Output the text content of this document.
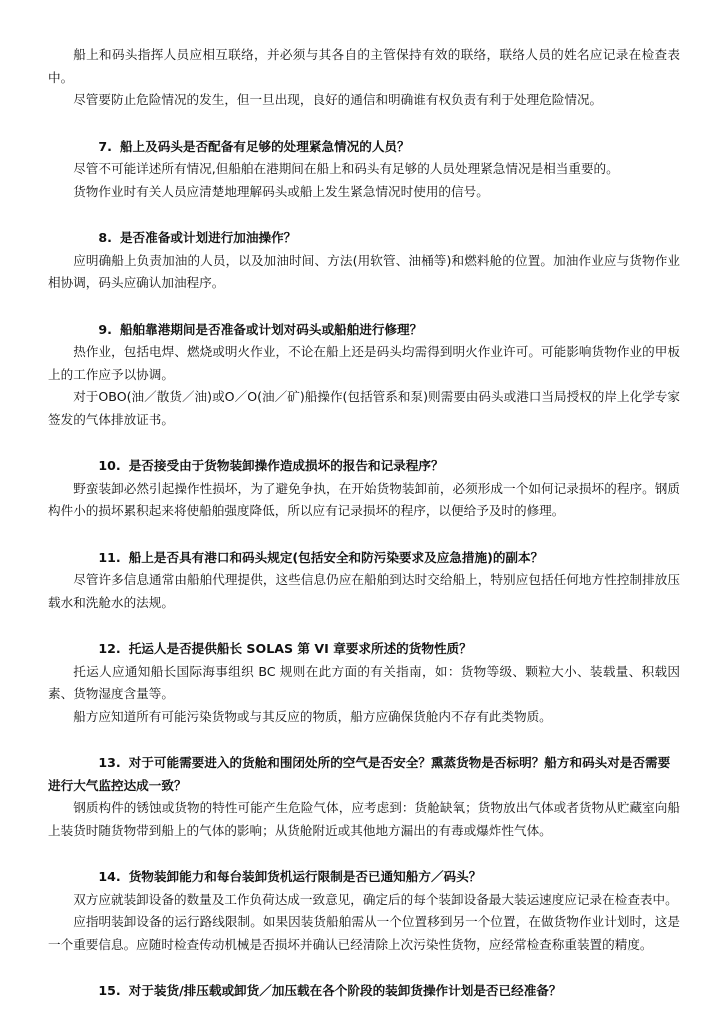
船上和码头指挥人员应相互联络，并必须与其各自的主管保持有效的联络，联络人员的姓名应记录在检查表中。

尽管要防止危险情况的发生，但一旦出现，良好的通信和明确谁有权负责有利于处理危险情况。

7. 船上及码头是否配备有足够的处理紧急情况的人员？

尽管不可能详述所有情况,但船舶在港期间在船上和码头有足够的人员处理紧急情况是相当重要的。

货物作业时有关人员应清楚地理解码头或船上发生紧急情况时使用的信号。

8. 是否准备或计划进行加油操作？

应明确船上负责加油的人员，以及加油时间、方法(用软管、油桶等)和燃料舱的位置。加油作业应与货物作业相协调，码头应确认加油程序。

9. 船舶靠港期间是否准备或计划对码头或船舶进行修理？

热作业，包括电焊、燃烧或明火作业，不论在船上还是码头均需得到明火作业许可。可能影响货物作业的甲板上的工作应予以协调。

对于OBO(油／散货／油)或O／O(油／矿)船操作(包括管系和泵)则需要由码头或港口当局授权的岸上化学专家签发的气体排放证书。

10. 是否接受由于货物装卸操作造成损坏的报告和记录程序？

野蛮装卸必然引起操作性损坏，为了避免争执，在开始货物装卸前，必须形成一个如何记录损坏的程序。钢质构件小的损坏累积起来将使船舶强度降低，所以应有记录损坏的程序，以便给予及时的修理。

11. 船上是否具有港口和码头规定(包括安全和防污染要求及应急措施)的副本？

尽管许多信息通常由船舶代理提供，这些信息仍应在船舶到达时交给船上，特别应包括任何地方性控制排放压载水和洗舱水的法规。

12. 托运人是否提供船长 SOLAS 第 VI 章要求所述的货物性质？

托运人应通知船长国际海事组织 BC 规则在此方面的有关指南，如：货物等级、颗粒大小、装载量、积载因素、货物湿度含量等。

船方应知道所有可能污染货物或与其反应的物质，船方应确保货舱内不存有此类物质。

13. 对于可能需要进入的货舱和围闭处所的空气是否安全？熏蒸货物是否标明？船方和码头对是否需要进行大气监控达成一致？

钢质构件的锈蚀或货物的特性可能产生危险气体，应考虑到：货舱缺氧；货物放出气体或者货物从贮藏室向船上装货时随货物带到船上的气体的影响；从货舱附近或其他地方漏出的有毒或爆炸性气体。

14. 货物装卸能力和每台装卸货机运行限制是否已通知船方／码头？

双方应就装卸设备的数量及工作负荷达成一致意见，确定后的每个装卸设备最大装运速度应记录在检查表中。

应指明装卸设备的运行路线限制。如果因装货船舶需从一个位置移到另一个位置，在做货物作业计划时，这是一个重要信息。应随时检查传动机械是否损坏并确认已经清除上次污染性货物，应经常检查称重装置的精度。

15. 对于装货/排压载或卸货／加压载在各个阶段的装卸货操作计划是否已经准备？
